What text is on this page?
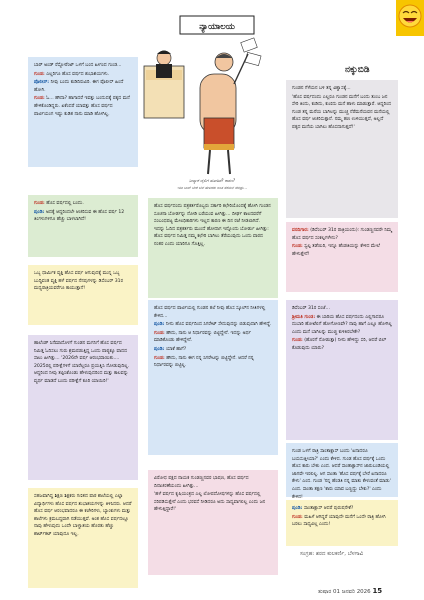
ನಕ್ಕುಬಿಡಿ
ನ್ಯಾಯಾಲಯ
ನೀವ್ಯಾಕೆ ಜೈಲಿಗೆ ಹೋದಿರೆ? ಕಾರಣ?
ಇಡೀ ಬಾಸ್ ಬೇರೆ ಬೆಲೆ ಹೇಳಿದರು ಅಂತ ಸೆರೆಮನೆ ಸೇರಿದ್ರು...

ಬಾರ್ ಅಂಡ್ ರೆಸ್ಟೋರೆಂಟ್ ಒಳಗೆ ಬಂದ ಹೀಗಂದ ಗುಂಡ...

ಗುಂಡ: ಎಲ್ಲರಿಗೂ ಹೊಸ ವರ್ಷದ ಶುಭಾಶಯಗಳು.

ಪೊಲೀಸ್: ನೀವು ಬಂದು ಕುಡಿದಿರುವಿರಿ. ಈಗ ಪೊಲೀಸ್ ಹಿಂದೆ ಹೋಗಿ.

ಗುಂಡ: ಓ... ಹೌದಾ? ಹಾಗಾದರೆ ಇವತ್ತು ಬಂದುದಕ್ಕೆ ಪಕ್ಕದ ಮನೆ ಹೇಳಿಕೊಂಡಿದ್ದರು. ಏಕೆಂದರೆ ಯಾವತ್ತು ಹೊಸ ವರ್ಷದ ಪಾರ್ಟಿಯಂಗ ಇಷ್ಟು ಕುಡಿತ ನಾನು ಮಾಡಿ ಹೋಗಿಲ್ಲ.

ಗುಂಡ: ಹೊಸ ವರ್ಷದಲ್ಲಿ ಬಂದು.

ಪುಂಡಿ: ಅದಕ್ಕೆ ಆದ್ದರಿಂದಲೇ ಆಚರಿಸುವ ಈ ಹೊಸ ವರ್ಷ 12 ತಿಂಗಳುಗಳಿಗೂ ಹೆಚ್ಚು ಬಾಳಲಾಗಿದೆ!

ಒಬ್ಬ ಧಾರ್ಮಿಕ ವ್ಯಕ್ತಿ ಹೊಸ ವರ್ಷ ಆಗುವುದಕ್ಕೆ ಮುನ್ನ ಒಬ್ಬ ಬುದ್ಧಿವಂತ ವ್ಯಕ್ತಿ ಹಳೆ ವರ್ಷದ ನೆನಪುಗಳನ್ನು ಡಿಸೆಂಬರ್ 31ರ ಮಧ್ಯರಾತ್ರಿಯವರೆಗೂ ಕಾಯುತ್ತಾನೆ!

ಹಾಲೆಂಡ್ ಸಿನೆಮಾದೊಳಗೆ ಗುಂಡನ ಮಗನಿಗೆ ಹೊಸ ವರ್ಷದ ನಿಮಿತ್ತ ಓದಿಸಲು ಗುರು ಶ್ರಮಪಡುತ್ತಿದ್ದ ಒಂದು ಪಾಠ್ಯಕ್ಕೂ ವಾದದ ಸಾಲು ಹೀಗಿತ್ತು... '2026ನೇ ವರ್ಷ ಆರಂಭವಾಯಿತು.... 2025ರಲ್ಲಿ ಪರೀಕ್ಷೆಗಳಿಗೆ ಯಾರೆಲ್ಲರೂ ಪ್ರಯತ್ನಿಸಿ ನೋಡುವುದಿಲ್ಲ. ಆದ್ದರಿಂದ ನೀವು ತಪ್ಪಿಸಿಕೊಂಡು ಹೇಳುವುದರಿಂದ ಮತ್ತು ಕಾಲವನ್ನು ವ್ಯರ್ಥ ಮಾಡದೆ ಬಂದು ಪರೀಕ್ಷೆಗೆ ಕೂರಿ ಯಾಯಿರಿ!'

ಸಹಜವಾಗಿದ್ದ ಶಿಕ್ಷಣ ಶಿಕ್ಷಕರು ಗಣಿತದ ಪಾಠ ಶಾಲೆಯಲ್ಲಿ ಎಲ್ಲಾ ವಿದ್ಯಾರ್ಥಿಗಳು ಹೊಸ ವರ್ಷದ ಶುಭಾಶಯಗಳನ್ನು ತಿಳಿಸಿದರು. ಆದರೆ ಹೊಸ ವರ್ಷ ಆರಂಭವಾದರೂ ಈ ಕಚೇರಿಗಳು, ಬ್ಯಾಂಕುಗಳು ಮತ್ತು ಶಾಲೆಗಳು ಕ್ರಮಬದ್ಧವಾಗಿ ನಡೆಯುತ್ತವೆ. ಅಂತ ಹೊಸ ವರ್ಷದಲ್ಲೂ ನಾವು ಹೇಳುವುದು ಒಂದೇ ಬಾಳ್ವಾಶಯ ಹೊರತು ಹೆಚ್ಚು ಶಾರ್ಟ್‌ಕಟ್ ಯಾವುದೂ ಇಲ್ಲ.

ಹೊಸ ವರ್ಷದಂದು ಪತ್ರಕರ್ತರೊಬ್ಬರು ಸರ್ಕಾರಿ ಕಛೇರಿಯೊಂದಕ್ಕೆ ಹೋಗಿ ಗುಂಡನ ಸೂಚನಾ ಬೋರ್ಡನ್ನು ನೋಡಿ ಬರೆಯುವ ಹೀಗಿತ್ತು... ದೀರ್ಘ ಕಾಲದವರೆಗೆ ಸಂಬಂಧಪಟ್ಟ ಮೇಲಧಿಕಾರಿಗಳು ಇಲ್ಲದ ಕಾರಣ ಈ ದಿನ ರಜೆ ನೀಡಲಾಗಿದೆ. ಇದನ್ನು ಓದಿದ ಪತ್ರಕರ್ತರು ಮುಂದೆ ಹೋದಾಗ ಇನ್ನೊಂದು ಬೋರ್ಡು ಹೀಗಿತ್ತು: ಹೊಸ ವರ್ಷದ ನಿಮಿತ್ತ ನಮ್ಮ ಕಛೇರಿ ಬಾಗಿಲು ತೆರೆಯುವುದು ಒಂದು ವಾರದ ನಂತರ ಎಂದು ಯಾರಿಗೂ ಗೊತ್ತಿಲ್ಲ.

ಹೊಸ ವರ್ಷದ ಪಾರ್ಟಿಯಲ್ಲಿ ಗುಂಡನ ತಲೆ ನೀವು ಹೊಸ ಸ್ಕೂಲ್‌ನ ನೀತಿಗಳಲ್ಲಿ ಕೇಳಿದ...

ಪುಂಡಿ: ನೀನು ಹೊಸ ವರ್ಷದಿಂದ ಸಿಗರೇಟ್ ಸೇದುವುದನ್ನು ಬಿಡುವುದಾಗಿ ಹೇಳಿದ್ದೆ.

ಗುಂಡ: ಹೌದು, ನಾನು ಆ ನಿರ್ಧಾರವನ್ನು ಬಿಟ್ಟಿದ್ದೇನೆ. ಇದನ್ನು ಅರ್ಥ ಮಾಡಿಕೊಂಡು ಹೇಳಿದ್ದೇನೆ.

ಪುಂಡಿ: ಯಾಕೆ ಹಾಗೆ?

ಗುಂಡ: ಹೌದು, ನಾನು ಈಗ ನನ್ನ ಸಿಗರೇಟನ್ನು ಬಿಟ್ಟಿದ್ದೇನೆ. ಆದರೆ ನನ್ನ ನಿರ್ಧಾರವನ್ನು ಬಿಟ್ಟಿಲ್ಲ.

ವಿರೋಧ ಪಕ್ಷದ ನಾಯಕ ಗುಂಡಣ್ಣನವರ ಭಾಷಣ, ಹೊಸ ವರ್ಷದ ದಿನಾಚರಣೆಯಂದು ಹೀಗಿತ್ತು...

'ಹಳೆ ವರ್ಷದ ಕೃಷಿಯಂತ್ರದ ಎಲ್ಲ ಲೋಪದೋಷಗಳನ್ನು ಹೊಸ ವರ್ಷದಲ್ಲಿ ಸರಿಪಡಿಸುತ್ತೇನೆ ಎಂದು ಭರವಸೆ ನೀಡಿದರೂ ಅದು ಸಾಧ್ಯವಾಗಲಿಲ್ಲ ಎಂದು ಜನ ಹೇಳುತ್ತಿದ್ದಾರೆ!'

ಗುಂಡನ ಗೆಳೆಯನ ಬಳಿ ತನ್ನ ವಿಶ್ವಾಸಕ್ಕೆ...

'ಹೊಸ ವರ್ಷದಂದು ಎಲ್ಲರೂ ಗುಂಡನ ಮನೆಗೆ ಬಂದು ತುಂಬ ಜನ ಸೇರಿ ತಿಂದು, ಕುಡಿದು, ಕುಣಿದು ಮನೆ ಹಾಳು ಮಾಡುತ್ತಾರೆ. ಆದ್ದರಿಂದ ಗುಂಡ ತನ್ನ ಮನೆಯ ಬಾಗಿಲನ್ನು ಮುಚ್ಚಿ ನೆರೆಮನೆಯವನ ಮನೆಯಲ್ಲಿ ಹೊಸ ವರ್ಷ ಆಚರಿಸುತ್ತಾನೆ. ನಮ್ಮ ಹಣ ಉಳಿಯುತ್ತದೆ, ಅಲ್ಲದೆ ಪಕ್ಕದ ಮನೆಯ ಬಾಗಿಲು ಹೊಸದಾಗುತ್ತದೆ!'

ವರದಿಗಾರ: (ಡಿಸೆಂಬರ್ 31ರ ರಾತ್ರಿಯಂದು): ಗುಂಡಣ್ಣನವರೇ ನಿಮ್ಮ ಹೊಸ ವರ್ಷದ ಸಂಕಲ್ಪಗಳೇನು?

ಗುಂಡ: ಸ್ವಲ್ಪ ತಡೆಯಿರಿ, ಇನ್ನೂ ಹೆಂಡತಿಯನ್ನು ಕೇಳಿದ ಮೇಲೆ ಹೇಳುತ್ತೇನೆ!

ಡಿಸೆಂಬರ್ 31ರ ಸಂಜೆ...

ಶ್ರೀಮತಿ ಗುಂಡ: ಈ ಬಾರಿಯ ಹೊಸ ವರ್ಷದಂದು ಎಲ್ಲಿಗಾದರೂ ದುಬಾರಿ ಹೋಟೆಲಿಗೆ ಹೋಗೋಣವೇ? ನಾವು ಹಾಗೆ ಎಲ್ಲೂ ಹೋಗಿಲ್ಲ ಎಂದು ಮನೆ ಬಾಗಿಲನ್ನು ಮುಚ್ಚಿ ಕುಳಿತಿರಬೇಕೇ?

ಗುಂಡ: (ಹೊರಗೆ ನೋಡುತ್ತಾ) ನೀನು ಹೇಳಿದ್ದು ಸರಿ, ಆದರೆ ಬಿಲ್ ಕೊಡುವುದು ಯಾರು?

ಗುಂಡ ಒಳಗೆ ರಾತ್ರಿ ಸಾಂತಾಕ್ಲಾಸ್ ಬಂದು 'ಏನಾದರೂ ಬಯಸುತ್ತೀಯಾ?' ಎಂದು ಕೇಳಿದ. ಗುಂಡ ಹೊಸ ವರ್ಷಕ್ಕೆ ಒಂದು ಹೊಸ ಕಾರು ಬೇಕು ಎಂದ. ಆದರೆ ಸಾಂತಾಕ್ಲಾಸ್‌ನ ಜಾರುಬಂಡಿಯಲ್ಲಿ ಜಾಗವೇ ಇರಲಿಲ್ಲ. ಆಗ ಸಾಂತಾ 'ಹೊಸ ವರ್ಷಕ್ಕೆ ಬೇರೆ ಏನಾದರೂ ಕೇಳು' ಎಂದ. ಗುಂಡ 'ನನ್ನ ಹೆಂಡತಿ ನನ್ನ ಮಾತು ಕೇಳುವಂತೆ ಮಾಡು' ಎಂದ. ಸಾಂತಾ ತಕ್ಷಣ 'ಕಾರು ಯಾವ ಬಣ್ಣದ್ದು ಬೇಕು?' ಎಂದು ಕೇಳಿದ!

ಪುಂಡಿ: ಸಾಂತಾಕ್ಲಾಸ್ ಆದರೆ ಪುರುಷನೇಕೆ?

ಗುಂಡ: ಮಹಿಳೆ ಆಗಿದ್ದರೆ ಯಾವುದೇ ಮನೆಗೆ ಒಂದೇ ರಾತ್ರಿ ಹೋಗಿ ಬರಲು ಸಾಧ್ಯವಿಲ್ಲ ಎಂದು!

ಸಂಗ್ರಹ: ಶರದ ಕುಲಕರ್ಣಿ, ಬೆಳಗಾವಿ
ತುಷಾರ 01 ಜನವರಿ 2026 15
